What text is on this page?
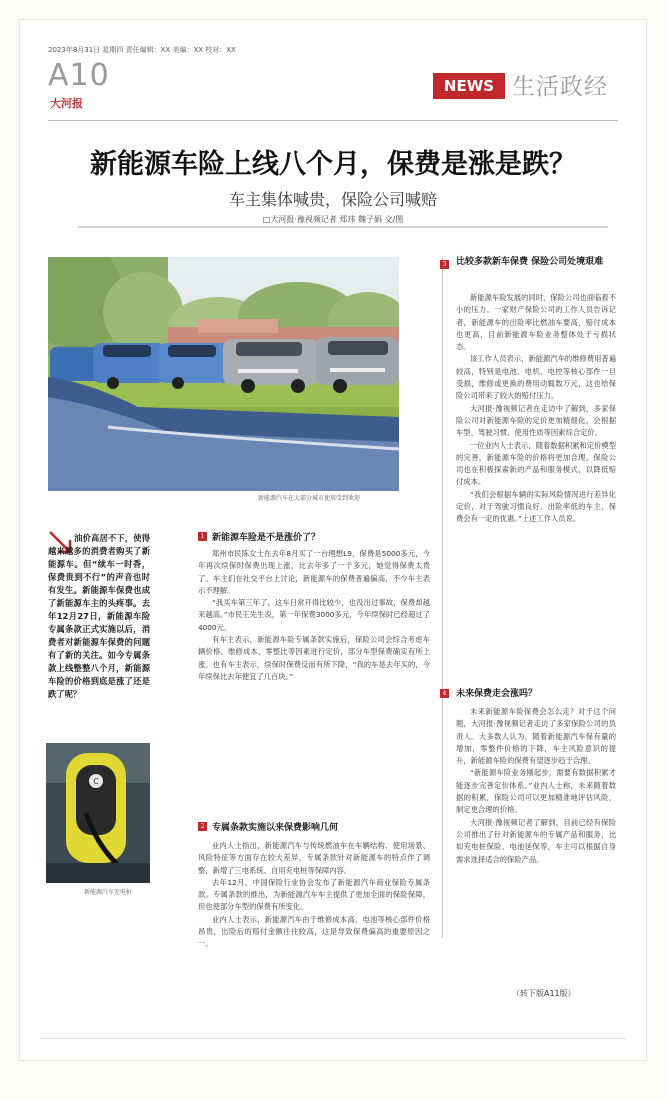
2023年8月31日 星期四 责任编辑：XX 美编：XX 校对：XX
A10
大河报
NEWS 生活政经
新能源车险上线八个月，保费是涨是跌？
车主集体喊贵，保险公司喊赔
□大河报·豫视频记者 郑玮 魏子娟 文/图
新能源汽车在大部分城市使用受到欢迎
油价高居不下，使得越来越多的消费者购买了新能源车。但“续车一时香，保费贵到不行”的声音也时有发生。新能源车保费也成了新能源车主的头疼事。去年12月27日，新能源车险专属条款正式实施以后，消费者对新能源车保费的问题有了新的关注。如今专属条款上线整整八个月，新能源车险的价格到底是涨了还是跌了呢？
C
新能源汽车充电桩
1 新能源车险是不是涨价了？

郑州市民陈女士在去年8月买了一台理想L9，保费是5000多元，今年再次续保时保费出现上涨，比去年多了一千多元，她觉得保费太贵了。车主们在社交平台上讨论，新能源车的保费普遍偏高，不少车主表示不理解。

“我买车第三年了，这车日常开得比较少，也没出过事故，保费却越来越高。”市民王先生说，第一年保费3000多元，今年续保时已经超过了4000元。

有车主表示，新能源车险专属条款实施后，保险公司会综合考虑车辆价格、维修成本、零整比等因素进行定价，部分车型保费确实有所上涨。也有车主表示，续保时保费反而有所下降，“我的车是去年买的，今年续保比去年便宜了几百块。”

2 专属条款实施以来保费影响几何

业内人士指出，新能源汽车与传统燃油车在车辆结构、使用场景、风险特征等方面存在较大差异，专属条款针对新能源车的特点作了调整，新增了三电系统、自用充电桩等保障内容。

去年12月，中国保险行业协会发布了新能源汽车商业保险专属条款。专属条款的推出，为新能源汽车车主提供了更加全面的保险保障，但也使部分车型的保费有所变化。

业内人士表示，新能源汽车由于维修成本高、电池等核心部件价格昂贵，出险后的赔付金额往往较高，这是导致保费偏高的重要原因之一。

3 比较多款新车保费 保险公司处境艰难

新能源车险发展的同时，保险公司也面临着不小的压力。一家财产保险公司的工作人员告诉记者，新能源车的出险率比燃油车要高，赔付成本也更高，目前新能源车险业务整体处于亏损状态。

该工作人员表示，新能源汽车的维修费用普遍较高，特别是电池、电机、电控等核心部件一旦受损，维修或更换的费用动辄数万元，这也给保险公司带来了较大的赔付压力。

大河报·豫视频记者在走访中了解到，多家保险公司对新能源车险的定价更加精细化，会根据车型、驾驶习惯、使用性质等因素综合定价。

一位业内人士表示，随着数据积累和定价模型的完善，新能源车险的价格将更加合理。保险公司也在积极探索新的产品和服务模式，以降低赔付成本。

“我们会根据车辆的实际风险情况进行差异化定价，对于驾驶习惯良好、出险率低的车主，保费会有一定的优惠。”上述工作人员说。

4 未来保费走会涨吗？

未来新能源车险保费会怎么走？对于这个问题，大河报·豫视频记者走访了多家保险公司的负责人。大多数人认为，随着新能源汽车保有量的增加，零整件价格的下降，车主风险意识的提升，新能源车险的保费有望逐步趋于合理。

“新能源车险业务刚起步，需要有数据积累才能逐步完善定价体系。”业内人士称，未来随着数据的积累，保险公司可以更加精准地评估风险，制定更合理的价格。

大河报·豫视频记者了解到，目前已经有保险公司推出了针对新能源车的专属产品和服务，比如充电桩保险、电池延保等，车主可以根据自身需求选择适合的保险产品。

（转下版A11版）
